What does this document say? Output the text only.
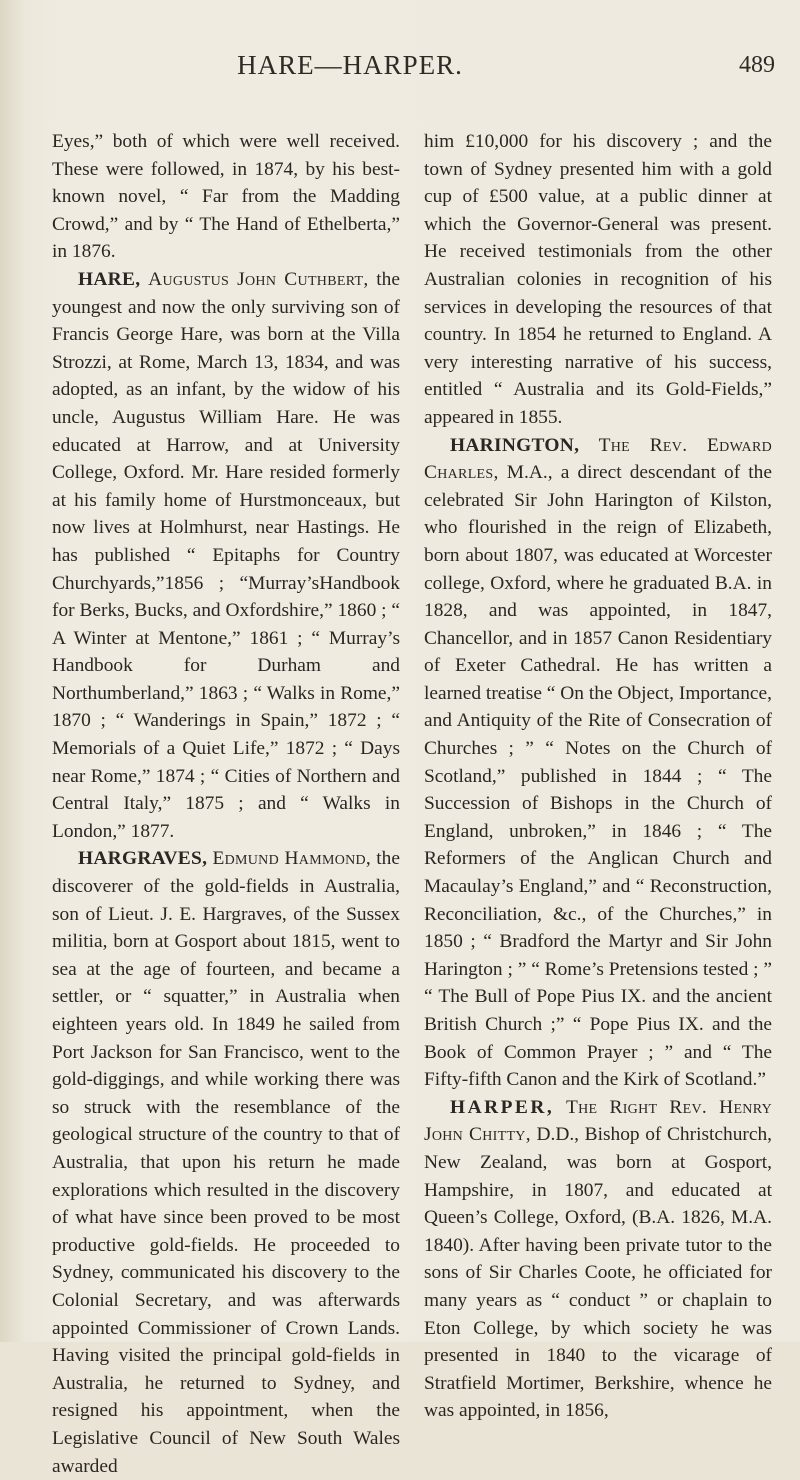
HARE—HARPER.	489

Eyes,” both of which were well received. These were followed, in 1874, by his best-known novel, “ Far from the Madding Crowd,” and by “ The Hand of Ethelberta,” in 1876.

HARE, Augustus John Cuthbert, the youngest and now the only surviving son of Francis George Hare, was born at the Villa Strozzi, at Rome, March 13, 1834, and was adopted, as an infant, by the widow of his uncle, Augustus William Hare. He was educated at Harrow, and at University College, Oxford. Mr. Hare resided formerly at his family home of Hurstmonceaux, but now lives at Holmhurst, near Hastings. He has published “ Epitaphs for Country Churchyards,”1856 ; “Murray’sHandbook for Berks, Bucks, and Oxfordshire,” 1860 ; “ A Winter at Mentone,” 1861 ; “ Murray’s Handbook for Durham and Northumberland,” 1863 ; “ Walks in Rome,” 1870 ; “ Wanderings in Spain,” 1872 ; “ Memorials of a Quiet Life,” 1872 ; “ Days near Rome,” 1874 ; “ Cities of Northern and Central Italy,” 1875 ; and “ Walks in London,” 1877.

HARGRAVES, Edmund Hammond, the discoverer of the gold-fields in Australia, son of Lieut. J. E. Hargraves, of the Sussex militia, born at Gosport about 1815, went to sea at the age of fourteen, and became a settler, or “ squatter,” in Australia when eighteen years old. In 1849 he sailed from Port Jackson for San Francisco, went to the gold-diggings, and while working there was so struck with the resemblance of the geological structure of the country to that of Australia, that upon his return he made explorations which resulted in the discovery of what have since been proved to be most productive gold-fields. He proceeded to Sydney, communicated his discovery to the Colonial Secretary, and was afterwards appointed Commissioner of Crown Lands. Having visited the principal gold-fields in Australia, he returned to Sydney, and resigned his appointment, when the Legislative Council of New South Wales awarded

him £10,000 for his discovery ; and the town of Sydney presented him with a gold cup of £500 value, at a public dinner at which the Governor-General was present. He received testimonials from the other Australian colonies in recognition of his services in developing the resources of that country. In 1854 he returned to England. A very interesting narrative of his success, entitled “ Australia and its Gold-Fields,” appeared in 1855.

HARINGTON, The Rev. Edward Charles, M.A., a direct descendant of the celebrated Sir John Harington of Kilston, who flourished in the reign of Elizabeth, born about 1807, was educated at Worcester college, Oxford, where he graduated B.A. in 1828, and was appointed, in 1847, Chancellor, and in 1857 Canon Residentiary of Exeter Cathedral. He has written a learned treatise “ On the Object, Importance, and Antiquity of the Rite of Consecration of Churches ; ” “ Notes on the Church of Scotland,” published in 1844 ; “ The Succession of Bishops in the Church of England, unbroken,” in 1846 ; “ The Reformers of the Anglican Church and Macaulay’s England,” and “ Reconstruction, Reconciliation, &c., of the Churches,” in 1850 ; “ Bradford the Martyr and Sir John Harington ; ” “ Rome’s Pretensions tested ; ” “ The Bull of Pope Pius IX. and the ancient British Church ;” “ Pope Pius IX. and the Book of Common Prayer ; ” and “ The Fifty-fifth Canon and the Kirk of Scotland.”

HARPER, The Right Rev. Henry John Chitty, D.D., Bishop of Christchurch, New Zealand, was born at Gosport, Hampshire, in 1807, and educated at Queen’s College, Oxford, (B.A. 1826, M.A. 1840). After having been private tutor to the sons of Sir Charles Coote, he officiated for many years as “ conduct ” or chaplain to Eton College, by which society he was presented in 1840 to the vicarage of Stratfield Mortimer, Berkshire, whence he was appointed, in 1856,
